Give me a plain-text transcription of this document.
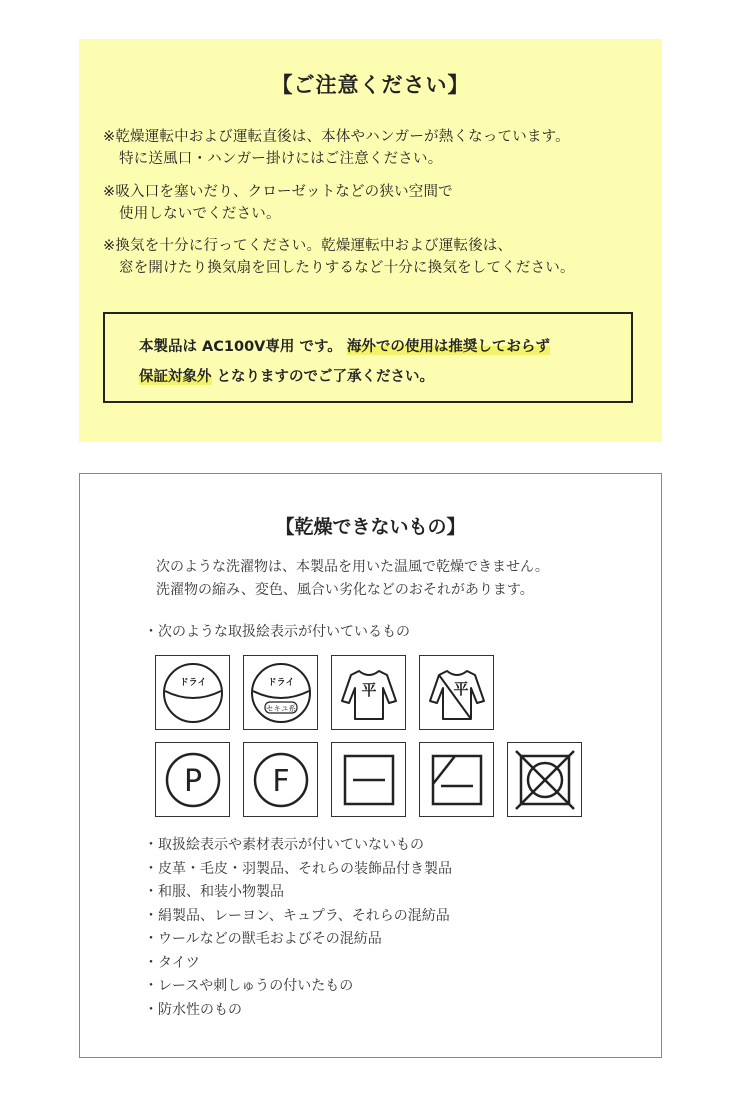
【ご注意ください】
※乾燥運転中および運転直後は、本体やハンガーが熱くなっています。
特に送風口・ハンガー掛けにはご注意ください。
※吸入口を塞いだり、クローゼットなどの狭い空間で
使用しないでください。
※換気を十分に行ってください。乾燥運転中および運転後は、
窓を開けたり換気扇を回したりするなど十分に換気をしてください。
本製品は AC100V専用 です。 海外での使用は推奨しておらず
保証対象外 となりますのでご了承ください。
【乾燥できないもの】
次のような洗濯物は、本製品を用いた温風で乾燥できません。
洗濯物の縮み、変色、風合い劣化などのおそれがあります。
・次のような取扱絵表示が付いているもの
ドライ	ドライ
セキユ系
平	平
P F
・ 取扱絵表示や素材表示が付いていないもの
・ 皮革・毛皮・羽製品、それらの装飾品付き製品
・ 和服、和装小物製品
・ 絹製品、レーヨン、キュプラ、それらの混紡品
・ ウールなどの獣毛およびその混紡品
・ タイツ
・ レースや刺しゅうの付いたもの
・ 防水性のもの
